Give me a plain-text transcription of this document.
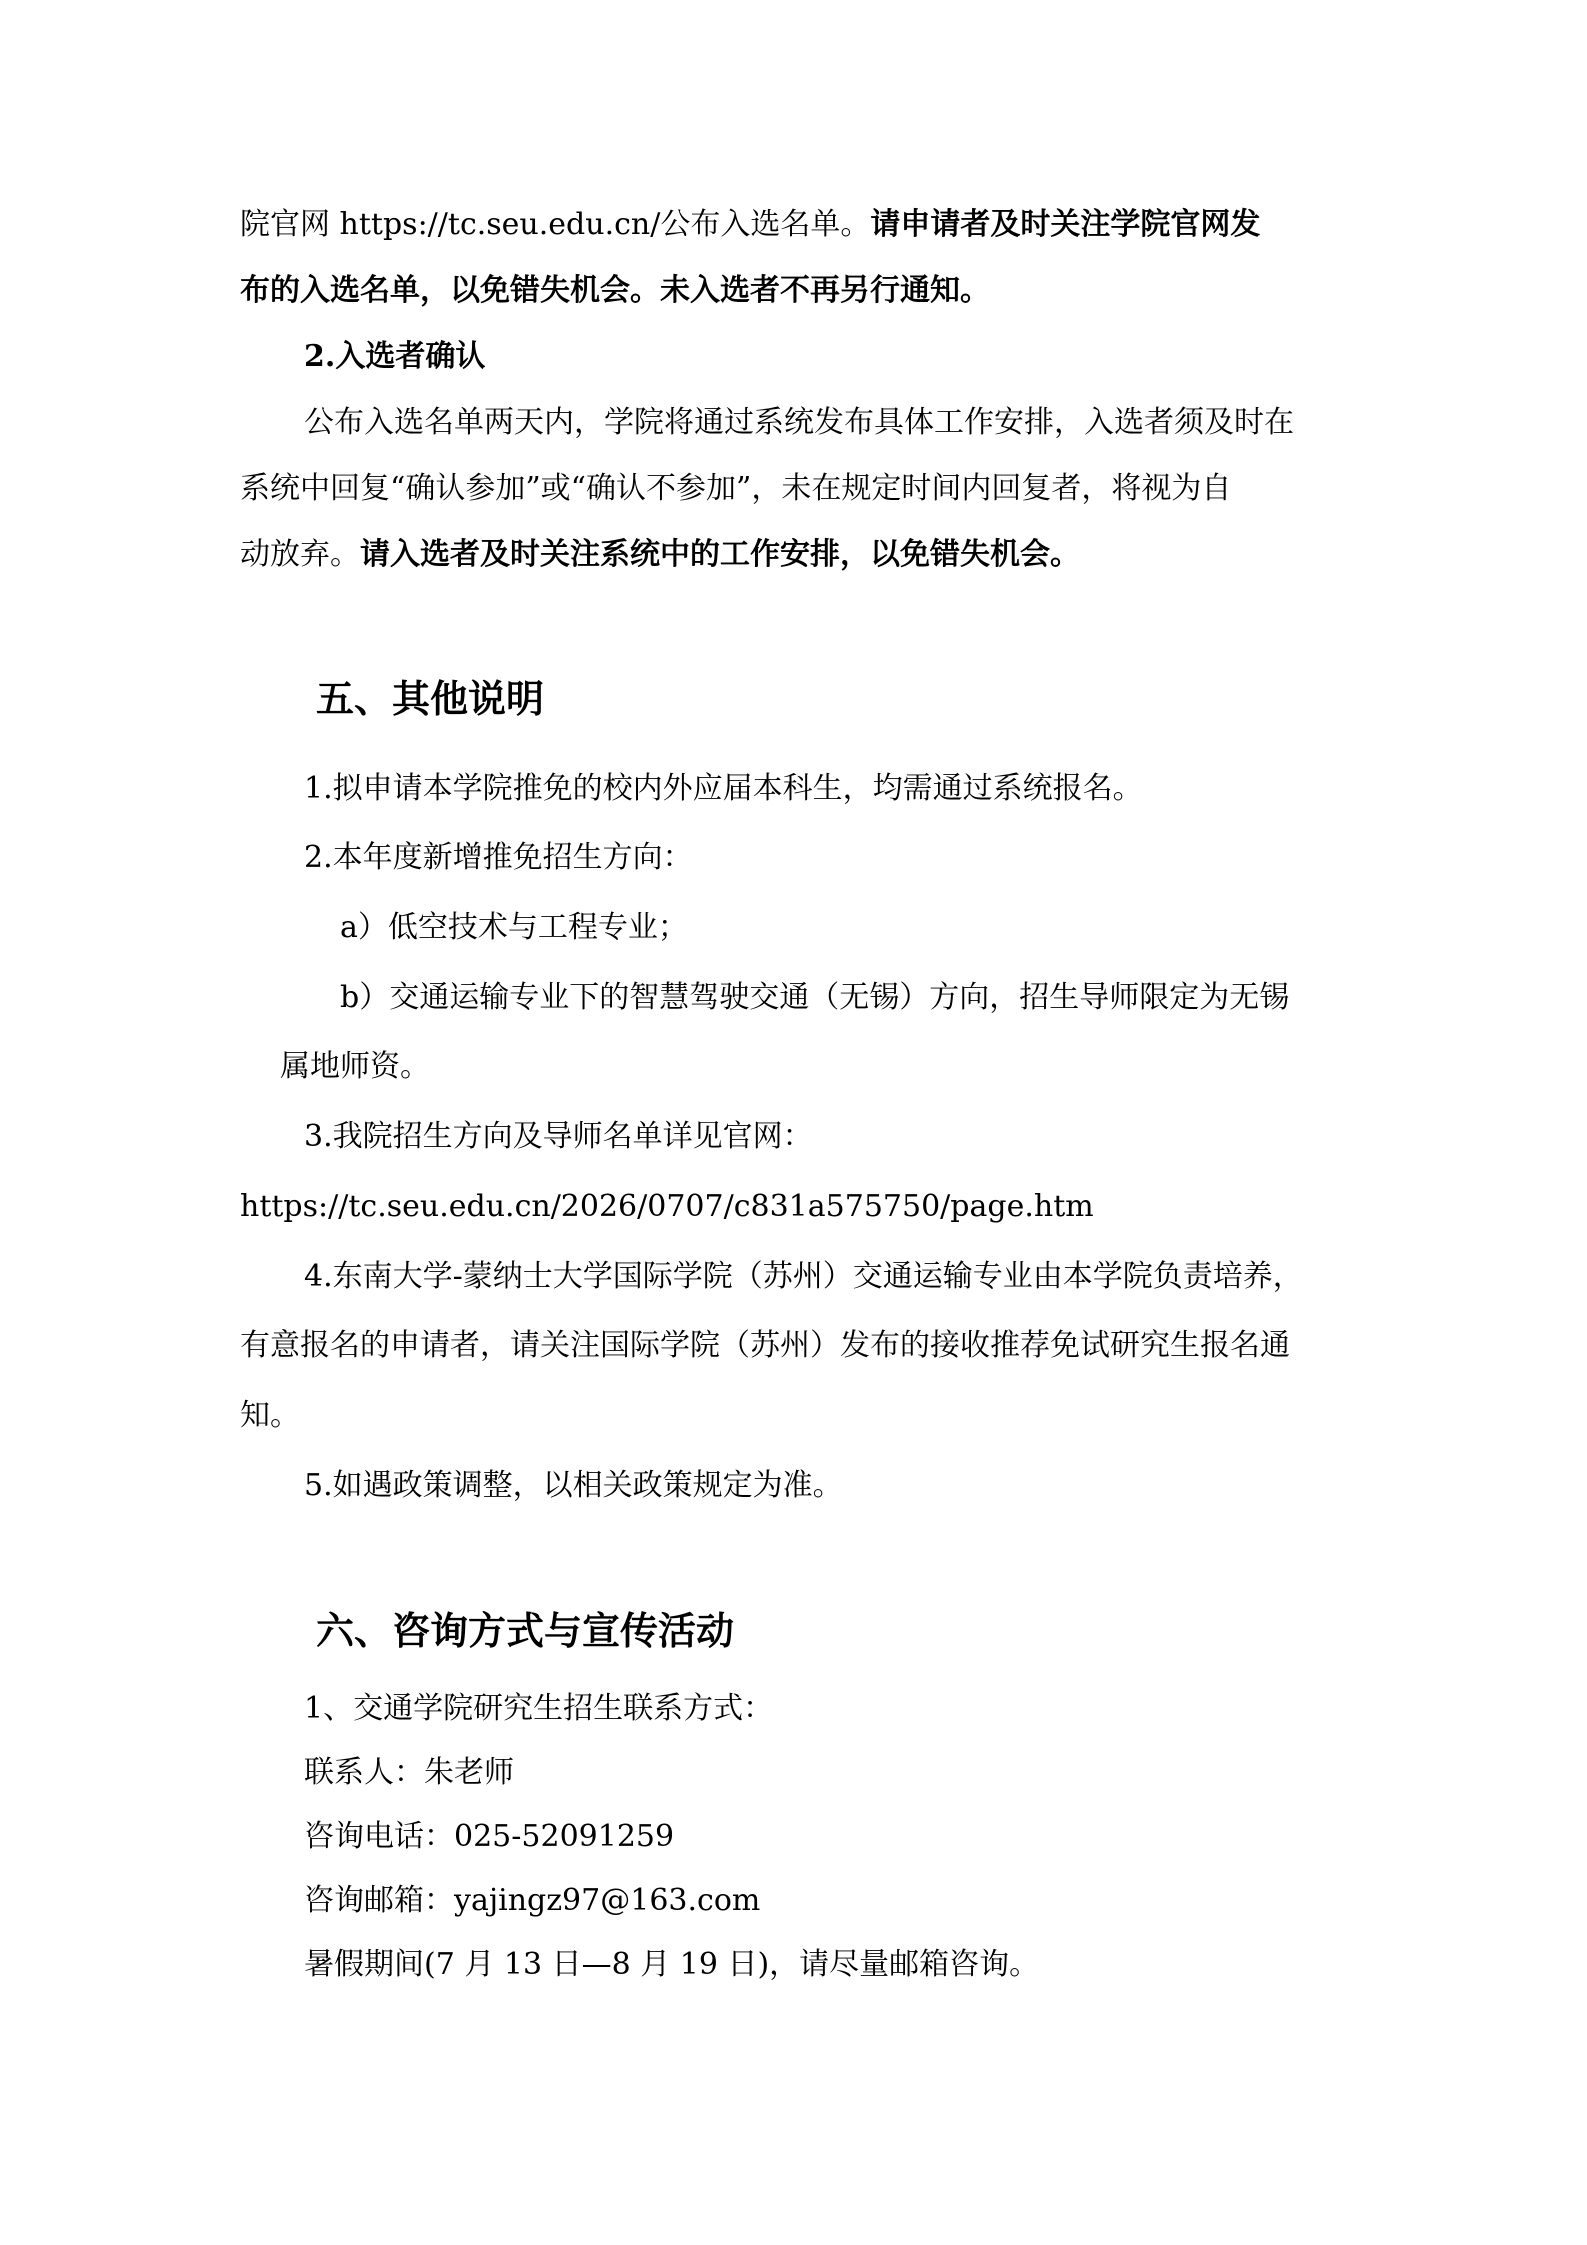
院官网 https://tc.seu.edu.cn/公布入选名单。请申请者及时关注学院官网发
布的入选名单，以免错失机会。未入选者不再另行通知。
2.入选者确认
公布入选名单两天内，学院将通过系统发布具体工作安排，入选者须及时在
系统中回复“确认参加”或“确认不参加”，未在规定时间内回复者，将视为自
动放弃。请入选者及时关注系统中的工作安排，以免错失机会。
五、其他说明
1.拟申请本学院推免的校内外应届本科生，均需通过系统报名。
2.本年度新增推免招生方向：
a）低空技术与工程专业；
b）交通运输专业下的智慧驾驶交通（无锡）方向，招生导师限定为无锡
属地师资。
3.我院招生方向及导师名单详见官网：
https://tc.seu.edu.cn/2026/0707/c831a575750/page.htm
4.东南大学-蒙纳士大学国际学院（苏州）交通运输专业由本学院负责培养，
有意报名的申请者，请关注国际学院（苏州）发布的接收推荐免试研究生报名通
知。
5.如遇政策调整，以相关政策规定为准。
六、咨询方式与宣传活动
1、交通学院研究生招生联系方式：
联系人：朱老师
咨询电话：025-52091259
咨询邮箱：yajingz97@163.com
暑假期间(7 月 13 日—8 月 19 日)，请尽量邮箱咨询。
